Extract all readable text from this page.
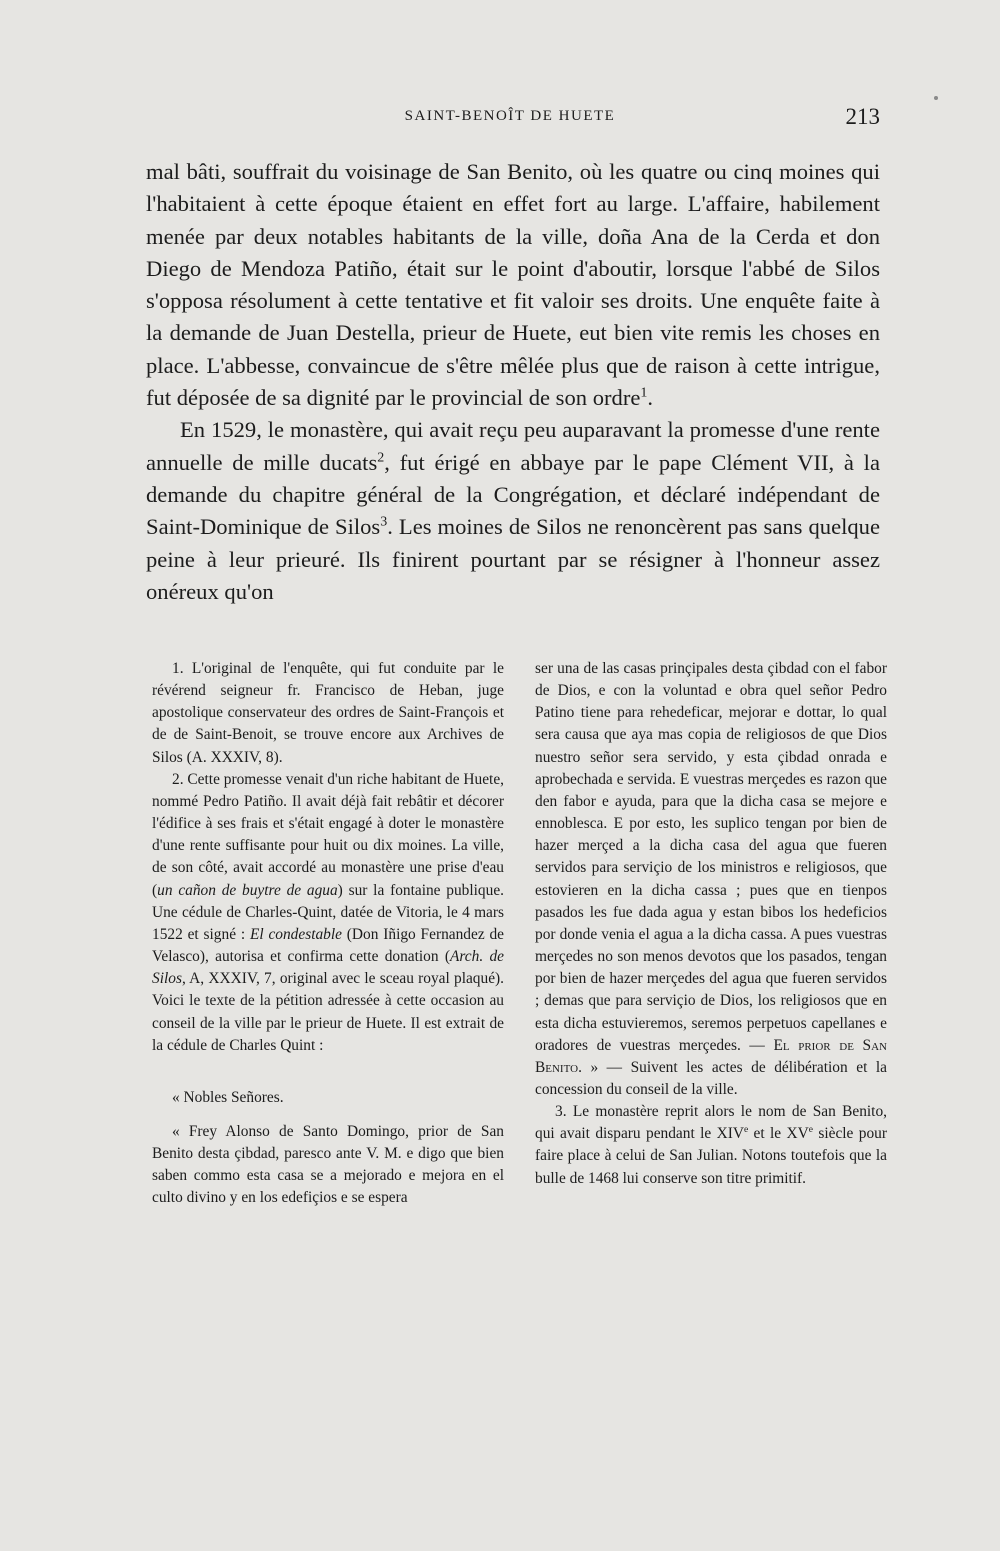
SAINT-BENOÎT DE HUETE	213

mal bâti, souffrait du voisinage de San Benito, où les quatre ou cinq moines qui l'habitaient à cette époque étaient en effet fort au large. L'affaire, habilement menée par deux notables habitants de la ville, doña Ana de la Cerda et don Diego de Mendoza Patiño, était sur le point d'aboutir, lorsque l'abbé de Silos s'opposa résolument à cette tentative et fit valoir ses droits. Une enquête faite à la demande de Juan Destella, prieur de Huete, eut bien vite remis les choses en place. L'abbesse, convaincue de s'être mêlée plus que de raison à cette intrigue, fut déposée de sa dignité par le provincial de son ordre$^1$.

En 1529, le monastère, qui avait reçu peu auparavant la promesse d'une rente annuelle de mille ducats$^2$, fut érigé en abbaye par le pape Clément VII, à la demande du chapitre général de la Congrégation, et déclaré indépendant de Saint-Dominique de Silos$^3$. Les moines de Silos ne renoncèrent pas sans quelque peine à leur prieuré. Ils finirent pourtant par se résigner à l'honneur assez onéreux qu'on

1. L'original de l'enquête, qui fut conduite par le révérend seigneur fr. Francisco de Heban, juge apostolique conservateur des ordres de Saint-François et de de Saint-Benoit, se trouve encore aux Archives de Silos (A. XXXIV, 8).

2. Cette promesse venait d'un riche habitant de Huete, nommé Pedro Patiño. Il avait déjà fait rebâtir et décorer l'édifice à ses frais et s'était engagé à doter le monastère d'une rente suffisante pour huit ou dix moines. La ville, de son côté, avait accordé au monastère une prise d'eau (un cañon de buytre de agua) sur la fontaine publique. Une cédule de Charles-Quint, datée de Vitoria, le 4 mars 1522 et signé : El condestable (Don Iñigo Fernandez de Velasco), autorisa et confirma cette donation (Arch. de Silos, A, XXXIV, 7, original avec le sceau royal plaqué). Voici le texte de la pétition adressée à cette occasion au conseil de la ville par le prieur de Huete. Il est extrait de la cédule de Charles Quint :

« Nobles Señores.

« Frey Alonso de Santo Domingo, prior de San Benito desta çibdad, paresco ante V. M. e digo que bien saben commo esta casa se a mejorado e mejora en el culto divino y en los edefiçios e se espera

ser una de las casas prinçipales desta çibdad con el fabor de Dios, e con la voluntad e obra quel señor Pedro Patino tiene para rehedeficar, mejorar e dottar, lo qual sera causa que aya mas copia de religiosos de que Dios nuestro señor sera servido, y esta çibdad onrada e aprobechada e servida. E vuestras merçedes es razon que den fabor e ayuda, para que la dicha casa se mejore e ennoblesca. E por esto, les suplico tengan por bien de hazer merçed a la dicha casa del agua que fueren servidos para serviçio de los ministros e religiosos, que estovieren en la dicha cassa ; pues que en tienpos pasados les fue dada agua y estan bibos los hedeficios por donde venia el agua a la dicha cassa. A pues vuestras merçedes no son menos devotos que los pasados, tengan por bien de hazer merçedes del agua que fueren servidos ; demas que para serviçio de Dios, los religiosos que en esta dicha estuvieremos, seremos perpetuos capellanes e oradores de vuestras merçedes. — El prior de San Benito. » — Suivent les actes de délibération et la concession du conseil de la ville.

3. Le monastère reprit alors le nom de San Benito, qui avait disparu pendant le XIVe et le XVe siècle pour faire place à celui de San Julian. Notons toutefois que la bulle de 1468 lui conserve son titre primitif.
